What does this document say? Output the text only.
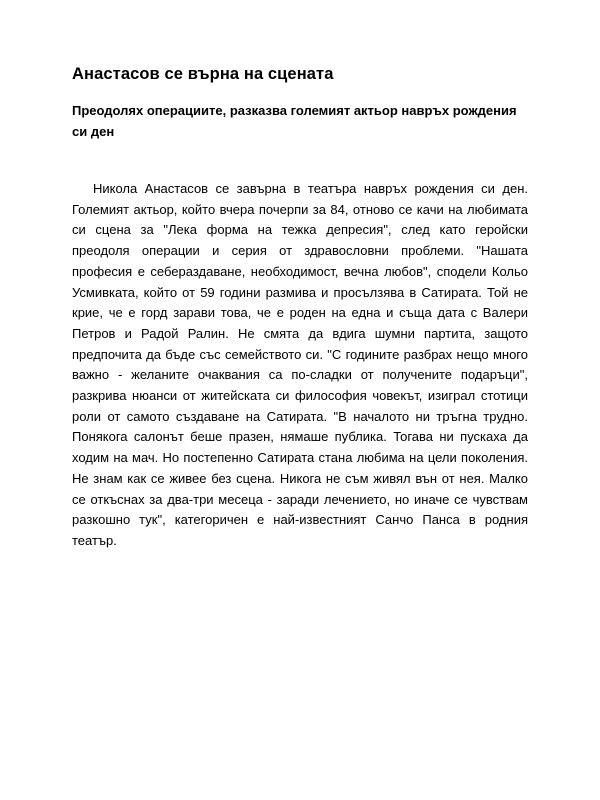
Анастасов се върна на сцената
Преодолях операциите, разказва големият актьор навръх рождения си ден

Никола Анастасов се завърна в театъра навръх рождения си ден. Големият актьор, който вчера почерпи за 84, отново се качи на любимата си сцена за "Лека форма на тежка депресия", след като геройски преодоля операции и серия от здравословни проблеми. "Нашата професия е себераздаване, необходимост, вечна любов", сподели Кольо Усмивката, който от 59 години размива и просълзява в Сатирата. Той не крие, че е горд зарави това, че е роден на една и съща дата с Валери Петров и Радой Ралин. Не смята да вдига шумни партита, защото предпочита да бъде със семейството си. "С годините разбрах нещо много важно - желаните очаквания са по-сладки от получените подаръци", разкрива нюанси от житейската си философия човекът, изиграл стотици роли от самото създаване на Сатирата. "В началото ни тръгна трудно. Понякога салонът беше празен, нямаше публика. Тогава ни пускаха да ходим на мач. Но постепенно Сатирата стана любима на цели поколения. Не знам как се живее без сцена. Никога не съм живял вън от нея. Малко се откъснах за два-три месеца - заради лечението, но иначе се чувствам разкошно тук", категоричен е най-известният Санчо Панса в родния театър.
